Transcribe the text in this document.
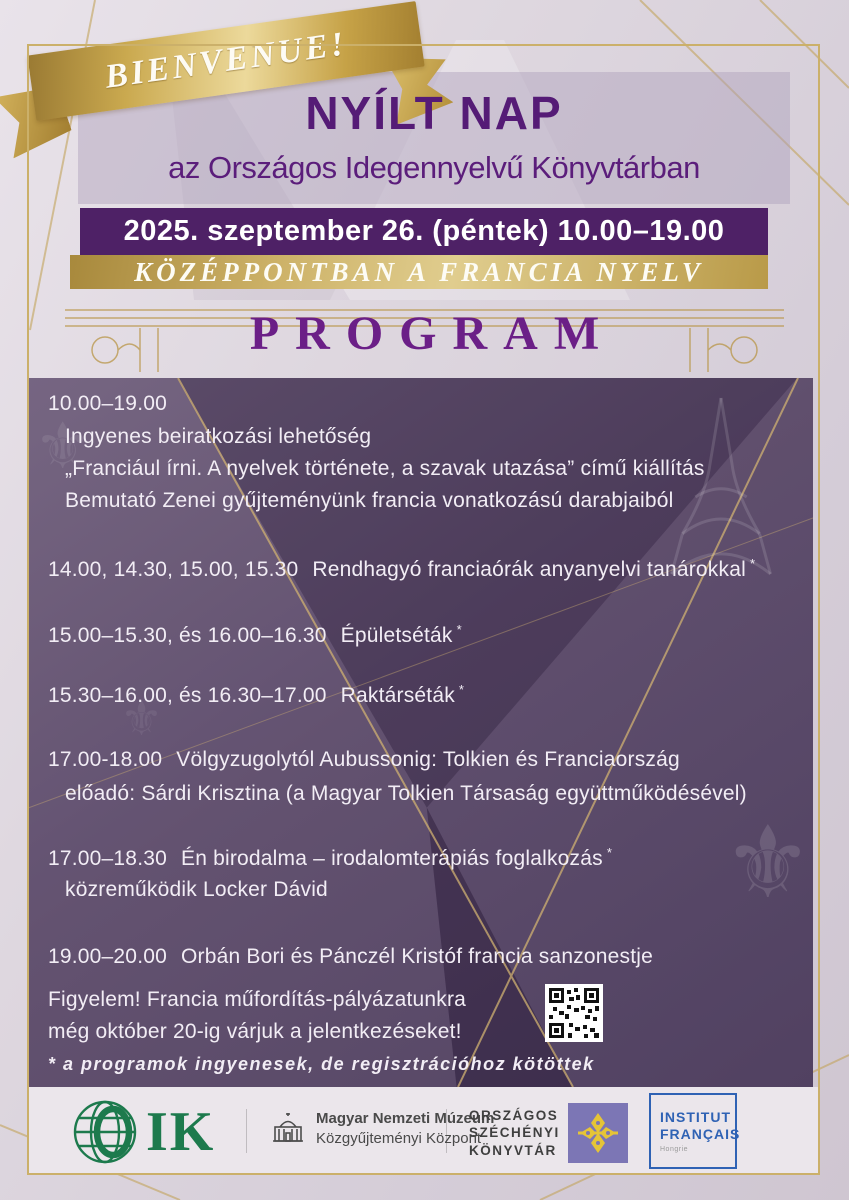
BIENVENUE!
NYÍLT NAP
az Országos Idegennyelvű Könyvtárban
2025. szeptember 26. (péntek) 10.00–19.00
KÖZÉPPONTBAN A FRANCIA NYELV
PROGRAM
⚜
⚜
⚜
10.00–19.00
Ingyenes beiratkozási lehetőség
„Franciául írni. A nyelvek története, a szavak utazása” című kiállítás
Bemutató Zenei gyűjteményünk francia vonatkozású darabjaiból
14.00, 14.30, 15.00, 15.30 Rendhagyó franciaórák anyanyelvi tanárokkal *
15.00–15.30, és 16.00–16.30 Épületséták *
15.30–16.00, és 16.30–17.00 Raktárséták *
17.00-18.00 Völgyzugolytól Aubussonig: Tolkien és Franciaország
előadó: Sárdi Krisztina (a Magyar Tolkien Társaság együttműködésével)
17.00–18.30 Én birodalma – irodalomterápiás foglalkozás *
közreműködik Locker Dávid
19.00–20.00 Orbán Bori és Pánczél Kristóf francia sanzonestje
Figyelem! Francia műfordítás-pályázatunkra
még október 20-ig várjuk a jelentkezéseket!
* a programok ingyenesek, de regisztrációhoz kötöttek
IK	Magyar Nemzeti Múzeum
Közgyűjteményi Központ
ORSZÁGOS
SZÉCHÉNYI
KÖNYVTÁR
INSTITUT
FRANÇAIS
Hongrie
